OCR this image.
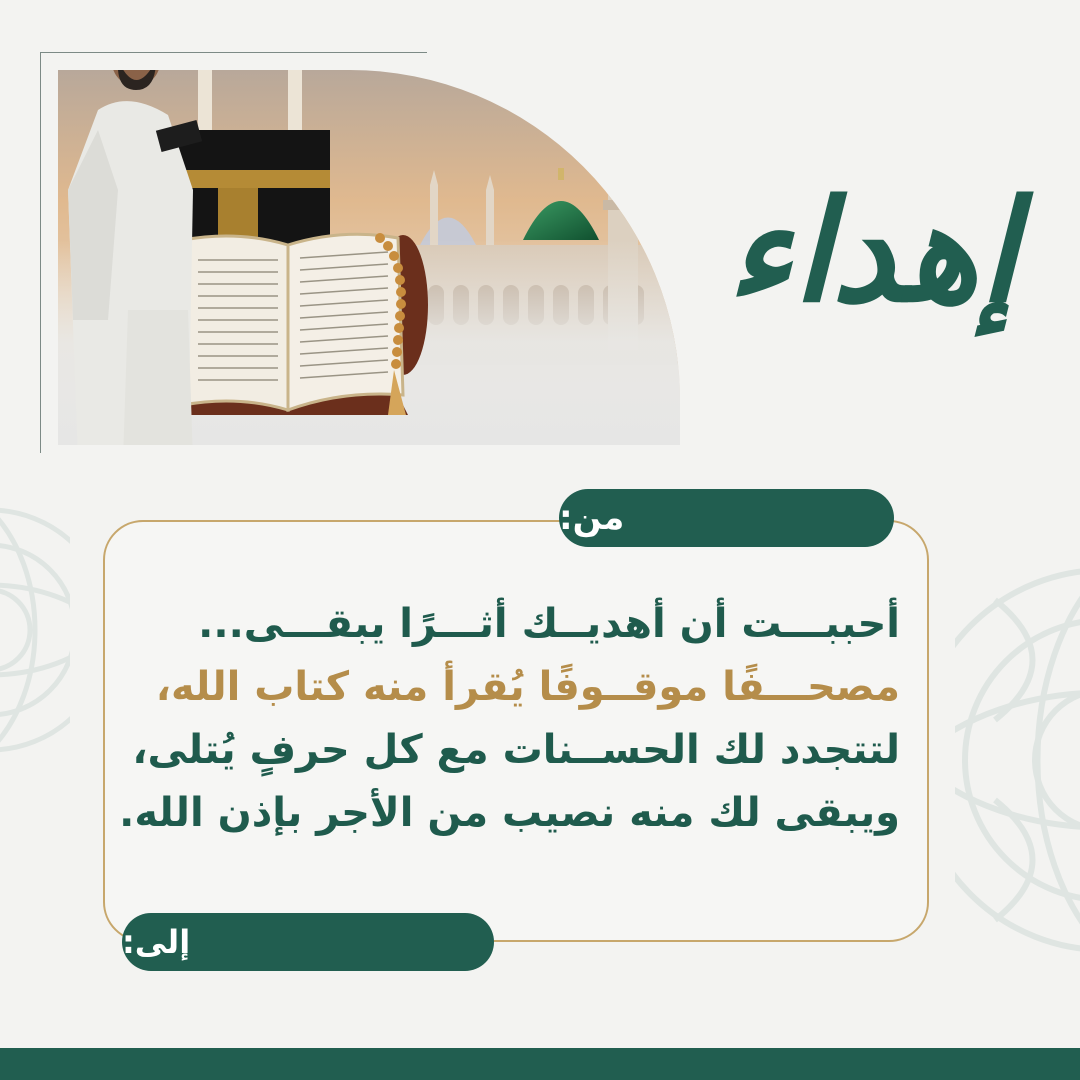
إهداء
من:
أحببـــت أن أهديــك أثـــرًا يبقـــى...
مصحـــفًا موقــوفًا يُقرأ منه كتاب الله،
لتتجدد لك الحســنات مع كل حرفٍ يُتلى،
ويبقى لك منه نصيب من الأجر بإذن الله.
إلى:
